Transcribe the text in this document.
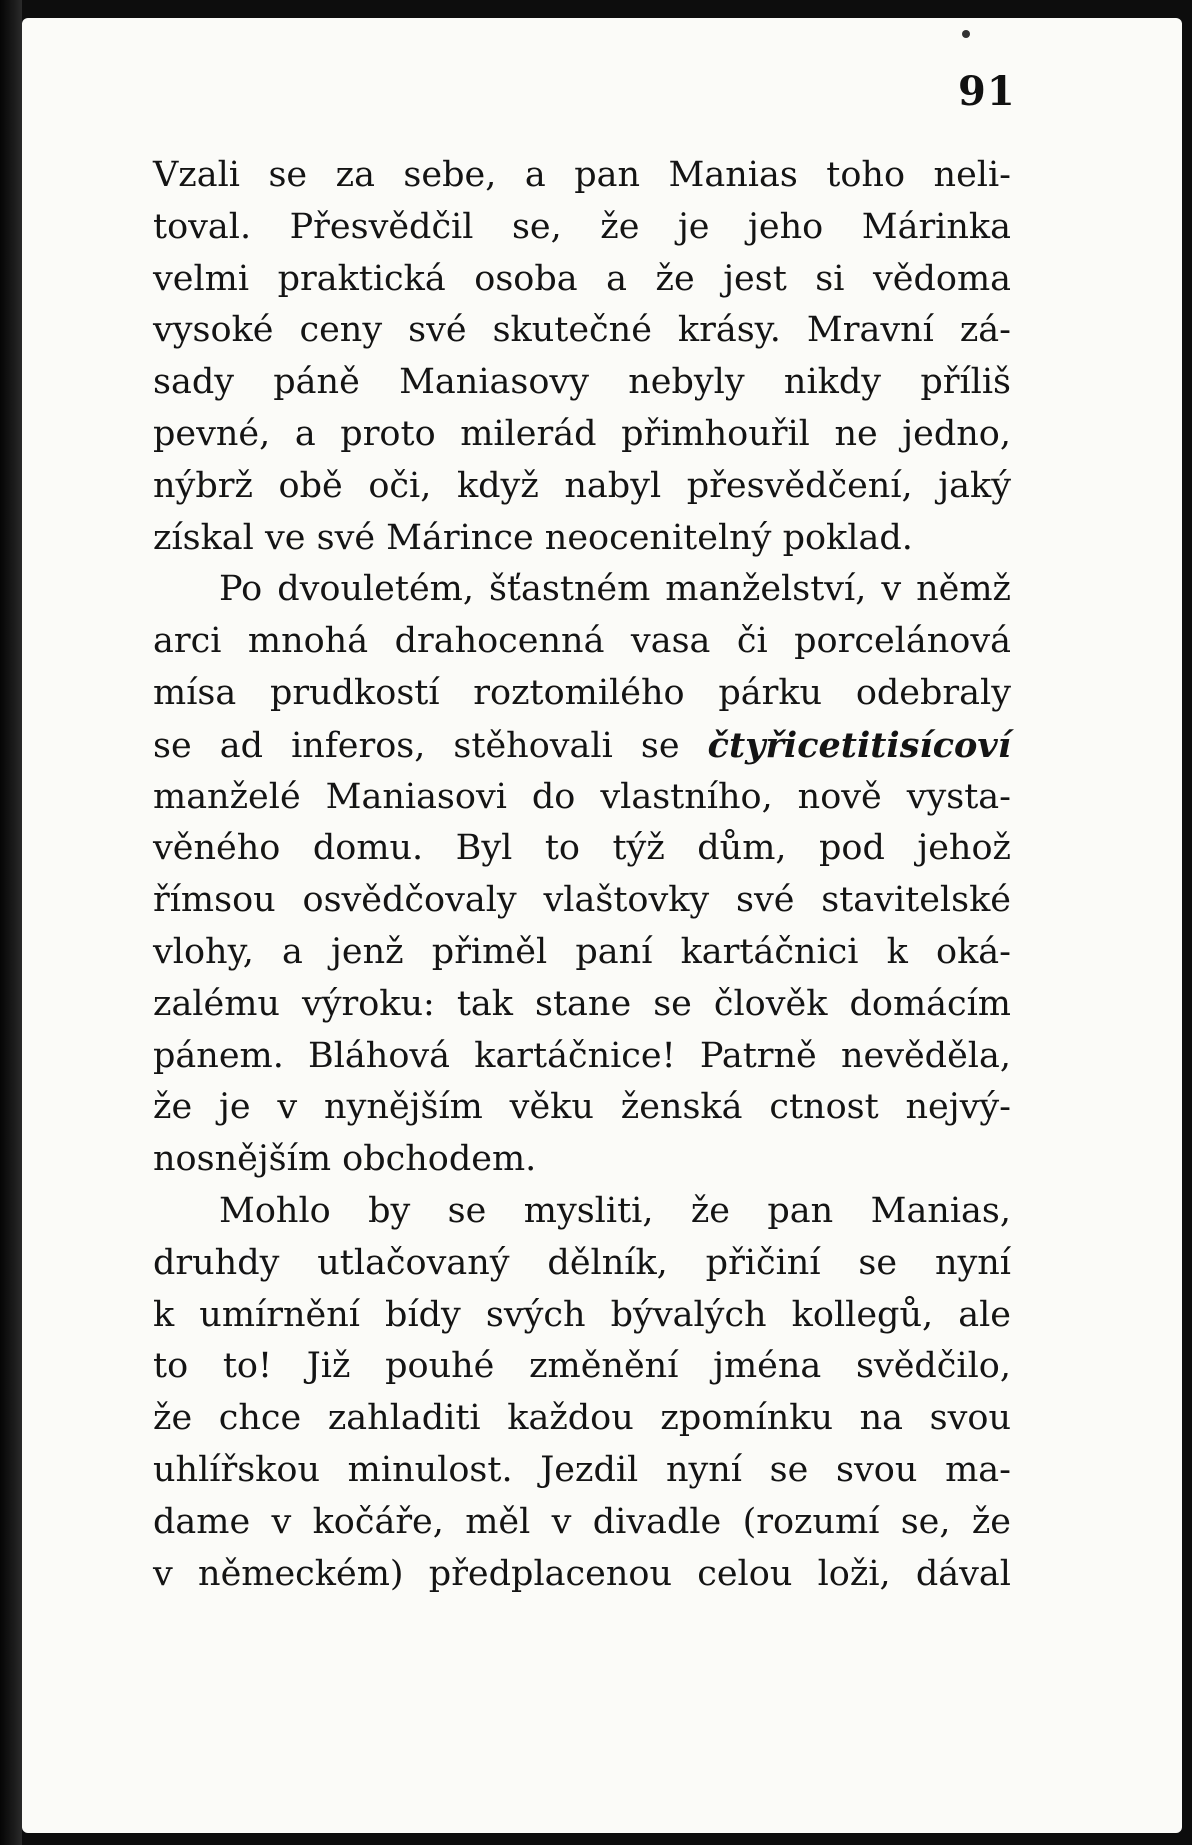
91
Vzali se za sebe, a pan Manias toho neli-
toval. Přesvědčil se, že je jeho Márinka
velmi praktická osoba a že jest si vědoma
vysoké ceny své skutečné krásy. Mravní zá-
sady páně Maniasovy nebyly nikdy příliš
pevné, a proto milerád přimhouřil ne jedno,
nýbrž obě oči, když nabyl přesvědčení, jaký
získal ve své Márince neocenitelný poklad.
Po dvouletém, šťastném manželství, v němž
arci mnohá drahocenná vasa či porcelánová
mísa prudkostí roztomilého párku odebraly
se ad inferos, stěhovali se čtyřicetitisícoví
manželé Maniasovi do vlastního, nově vysta-
věného domu. Byl to týž dům, pod jehož
římsou osvědčovaly vlaštovky své stavitelské
vlohy, a jenž přiměl paní kartáčnici k oká-
zalému výroku: tak stane se člověk domácím
pánem. Bláhová kartáčnice! Patrně nevěděla,
že je v nynějším věku ženská ctnost nejvý-
nosnějším obchodem.
Mohlo by se mysliti, že pan Manias,
druhdy utlačovaný dělník, přičiní se nyní
k umírnění bídy svých bývalých kollegů, ale
to to! Již pouhé změnění jména svědčilo,
že chce zahladiti každou zpomínku na svou
uhlířskou minulost. Jezdil nyní se svou ma-
dame v kočáře, měl v divadle (rozumí se, že
v německém) předplacenou celou loži, dával
